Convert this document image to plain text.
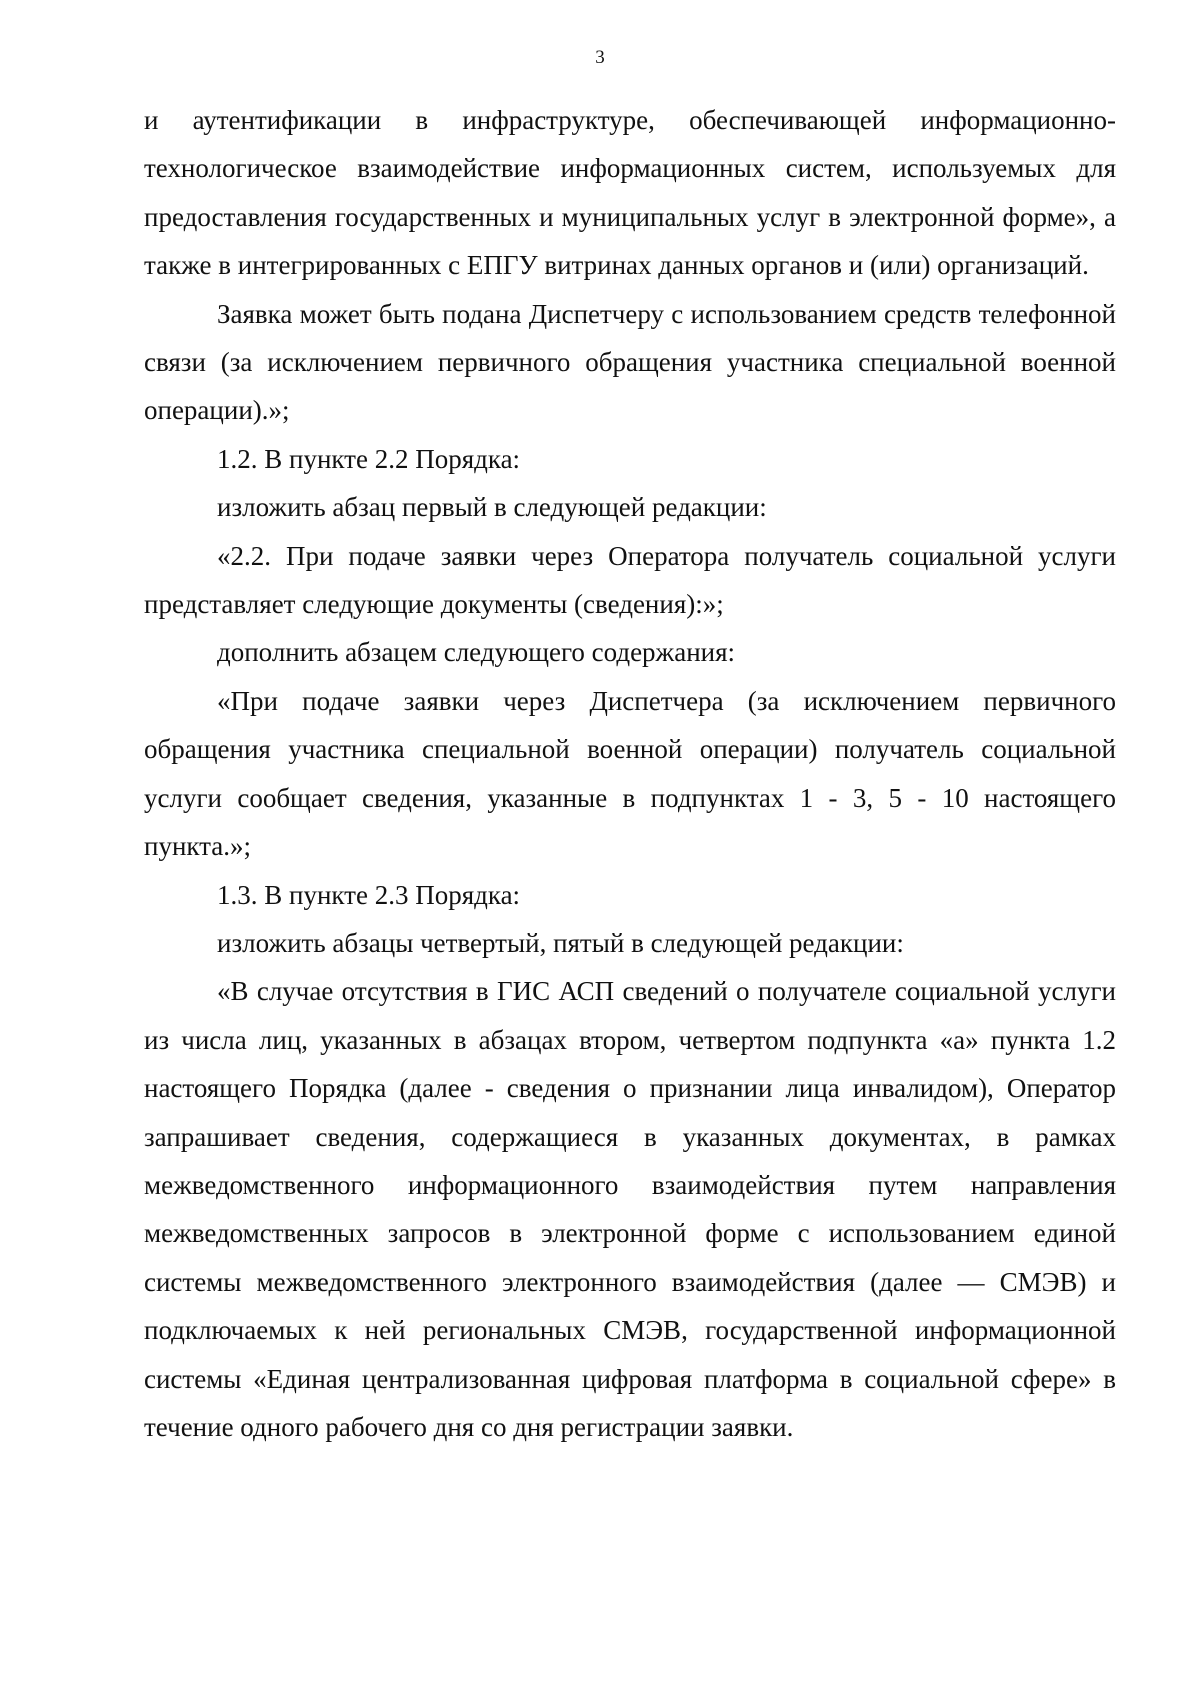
3

и аутентификации в инфраструктуре, обеспечивающей информационно-технологическое взаимодействие информационных систем, используемых для предоставления государственных и муниципальных услуг в электронной форме», а также в интегрированных с ЕПГУ витринах данных органов и (или) организаций.

Заявка может быть подана Диспетчеру с использованием средств телефонной связи (за исключением первичного обращения участника специальной военной операции).»;

1.2. В пункте 2.2 Порядка:

изложить абзац первый в следующей редакции:

«2.2. При подаче заявки через Оператора получатель социальной услуги представляет следующие документы (сведения):»;

дополнить абзацем следующего содержания:

«При подаче заявки через Диспетчера (за исключением первичного обращения участника специальной военной операции) получатель социальной услуги сообщает сведения, указанные в подпунктах 1 - 3, 5 - 10 настоящего пункта.»;

1.3. В пункте 2.3 Порядка:

изложить абзацы четвертый, пятый в следующей редакции:

«В случае отсутствия в ГИС АСП сведений о получателе социальной услуги из числа лиц, указанных в абзацах втором, четвертом подпункта «а» пункта 1.2 настоящего Порядка (далее - сведения о признании лица инвалидом), Оператор запрашивает сведения, содержащиеся в указанных документах, в рамках межведомственного информационного взаимодействия путем направления межведомственных запросов в электронной форме с использованием единой системы межведомственного электронного взаимодействия (далее — СМЭВ) и подключаемых к ней региональных СМЭВ, государственной информационной системы «Единая централизованная цифровая платформа в социальной сфере» в течение одного рабочего дня со дня регистрации заявки.
